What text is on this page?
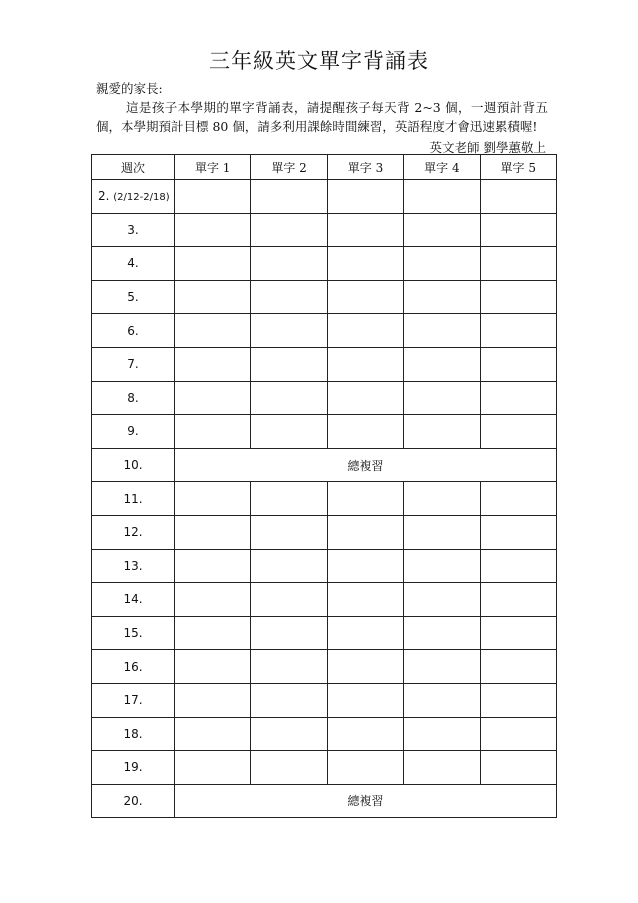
三年級英文單字背誦表
親愛的家長:
這是孩子本學期的單字背誦表，請提醒孩子每天背 2~3 個，一週預計背五個，本學期預計目標 80 個，請多利用課餘時間練習，英語程度才會迅速累積喔!
英文老師 劉學蕙敬上
週次	單字 1	單字 2	單字 3	單字 4	單字 5
2. (2/12-2/18)					
3.					
4.					
5.					
6.					
7.					
8.					
9.					
10.	總複習				
11.					
12.					
13.					
14.					
15.					
16.					
17.					
18.					
19.					
20.	總複習				
